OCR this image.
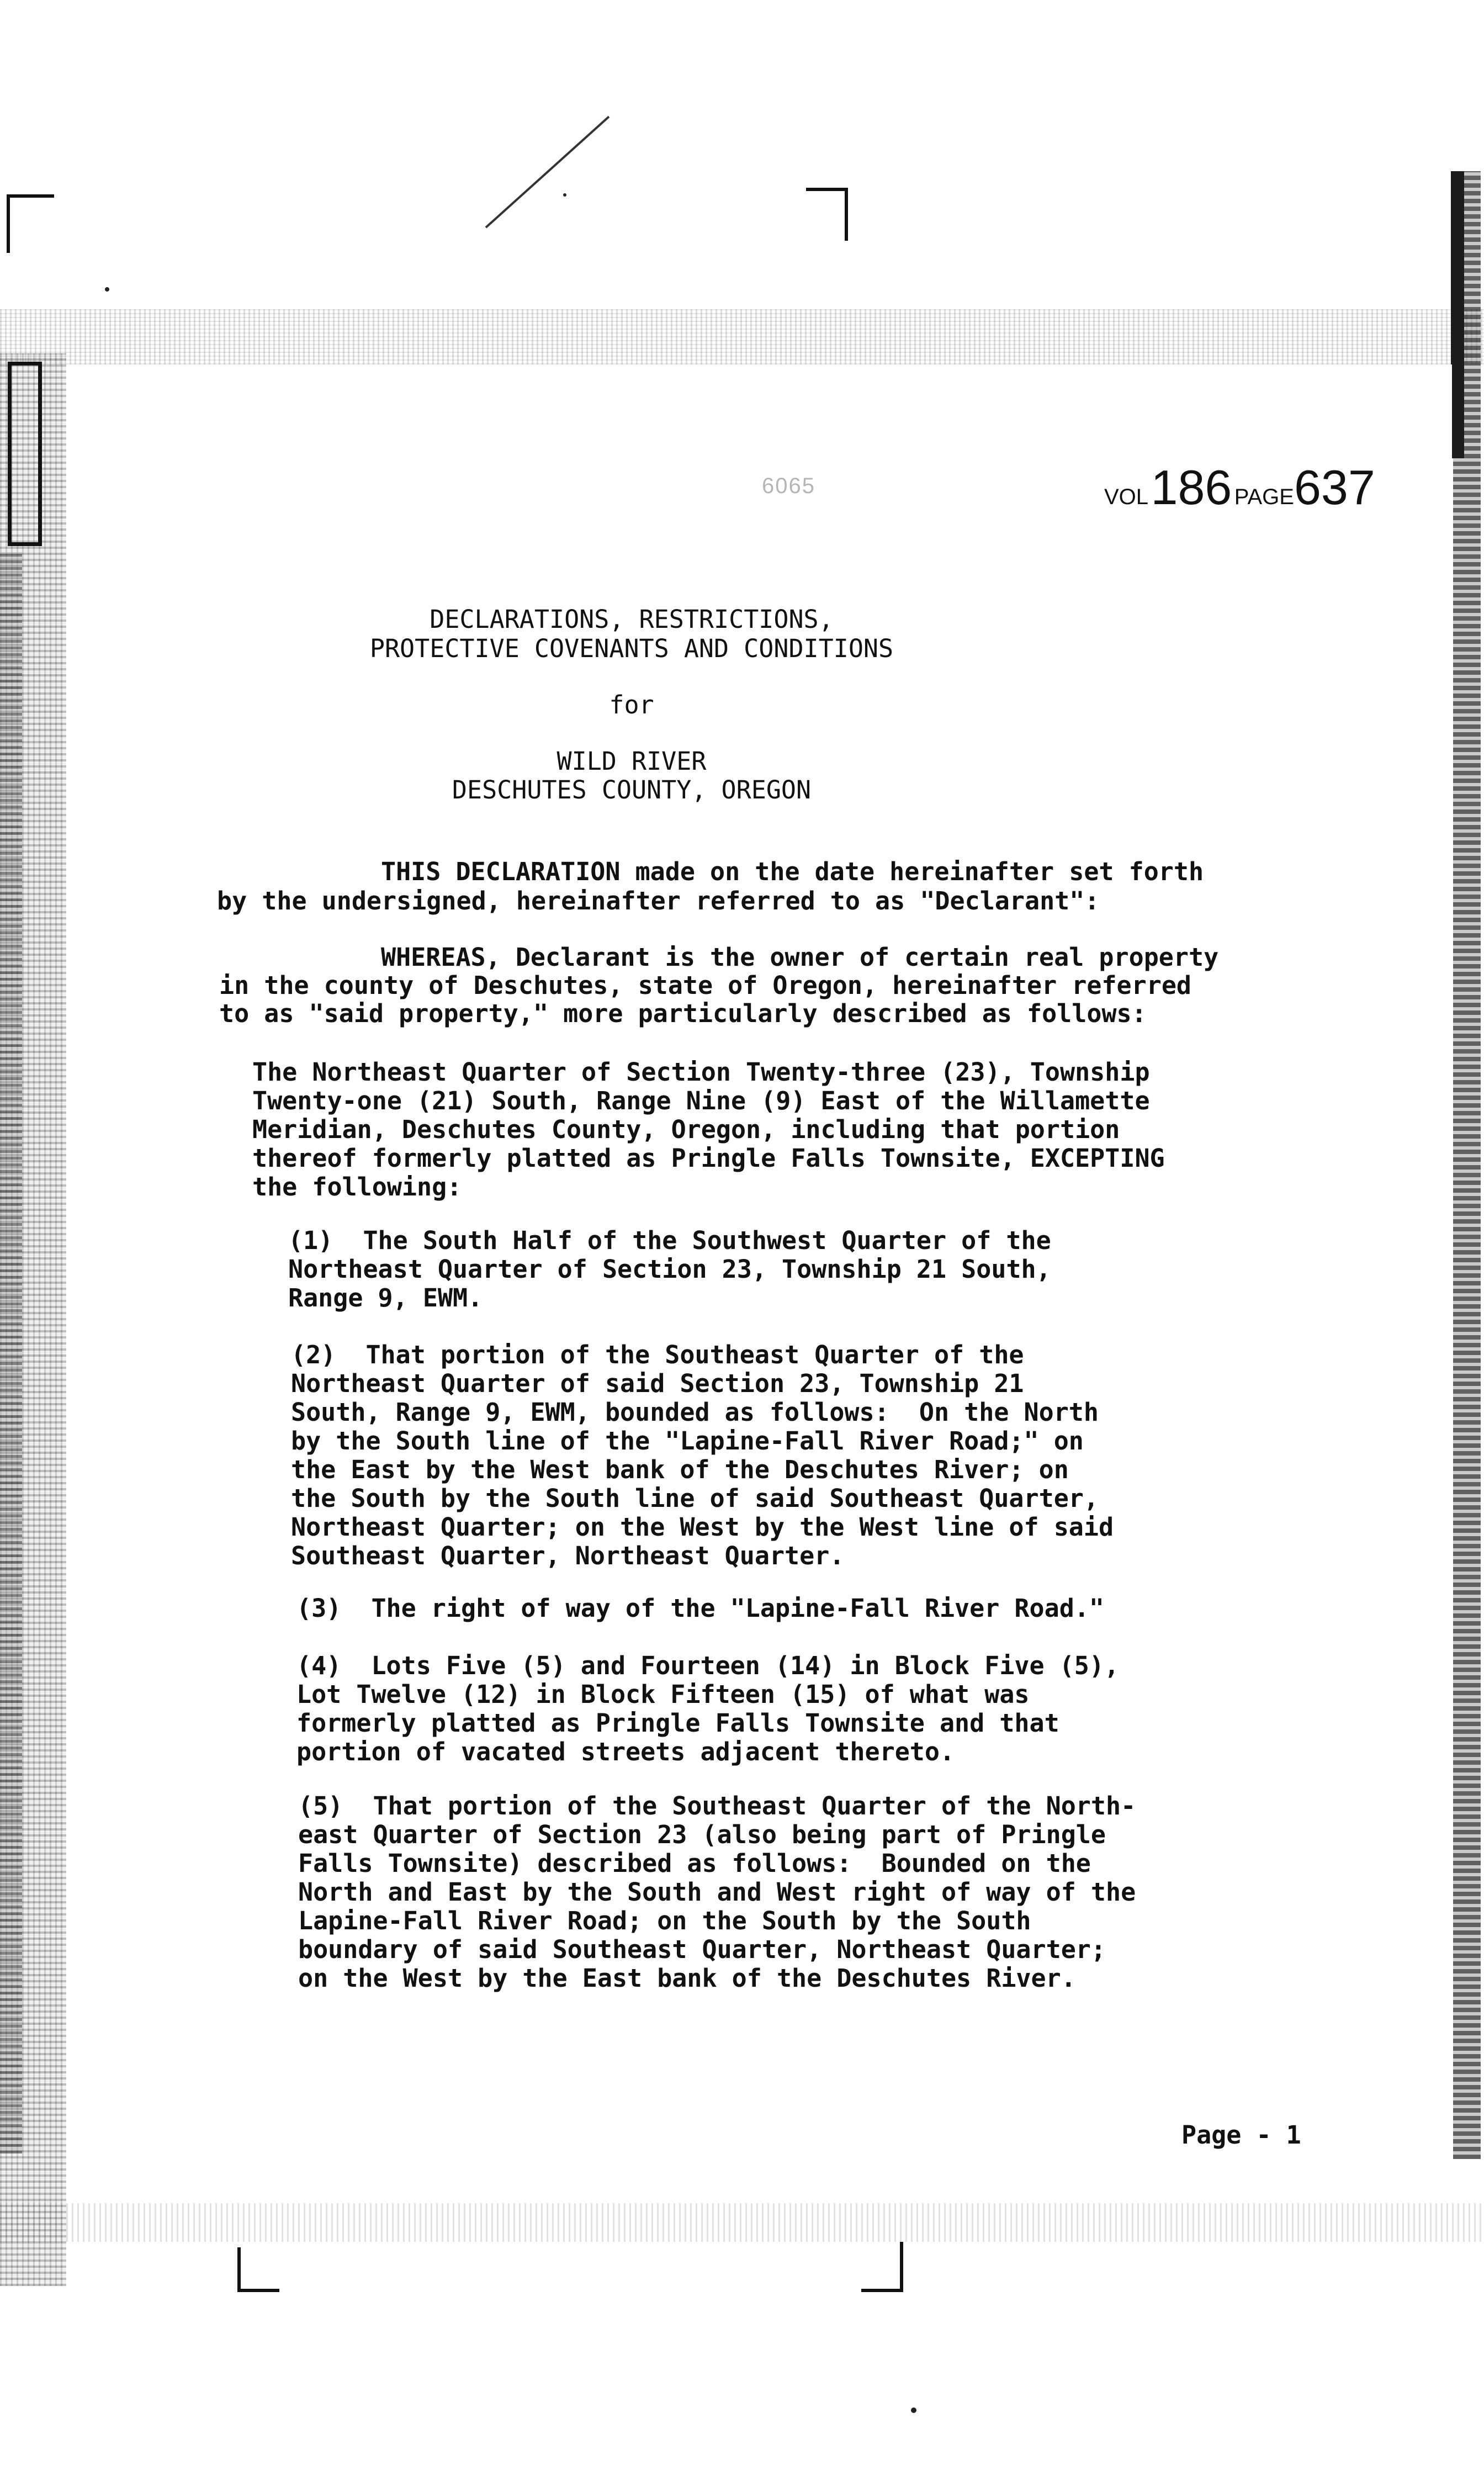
6065	VOL 186 PAGE637

DECLARATIONS, RESTRICTIONS,

PROTECTIVE COVENANTS AND CONDITIONS

for

WILD RIVER

DESCHUTES COUNTY, OREGON

THIS DECLARATION made on the date hereinafter set forth

by the undersigned, hereinafter referred to as "Declarant":

WHEREAS, Declarant is the owner of certain real property

in the county of Deschutes, state of Oregon, hereinafter referred

to as "said property," more particularly described as follows:

The Northeast Quarter of Section Twenty-three (23), Township

Twenty-one (21) South, Range Nine (9) East of the Willamette

Meridian, Deschutes County, Oregon, including that portion

thereof formerly platted as Pringle Falls Townsite, EXCEPTING

the following:

(1)  The South Half of the Southwest Quarter of the

Northeast Quarter of Section 23, Township 21 South,

Range 9, EWM.

(2)  That portion of the Southeast Quarter of the

Northeast Quarter of said Section 23, Township 21

South, Range 9, EWM, bounded as follows:  On the North

by the South line of the "Lapine-Fall River Road;" on

the East by the West bank of the Deschutes River; on

the South by the South line of said Southeast Quarter,

Northeast Quarter; on the West by the West line of said

Southeast Quarter, Northeast Quarter.

(3)  The right of way of the "Lapine-Fall River Road."

(4)  Lots Five (5) and Fourteen (14) in Block Five (5),

Lot Twelve (12) in Block Fifteen (15) of what was

formerly platted as Pringle Falls Townsite and that

portion of vacated streets adjacent thereto.

(5)  That portion of the Southeast Quarter of the North-

east Quarter of Section 23 (also being part of Pringle

Falls Townsite) described as follows:  Bounded on the

North and East by the South and West right of way of the

Lapine-Fall River Road; on the South by the South

boundary of said Southeast Quarter, Northeast Quarter;

on the West by the East bank of the Deschutes River.

Page - 1
